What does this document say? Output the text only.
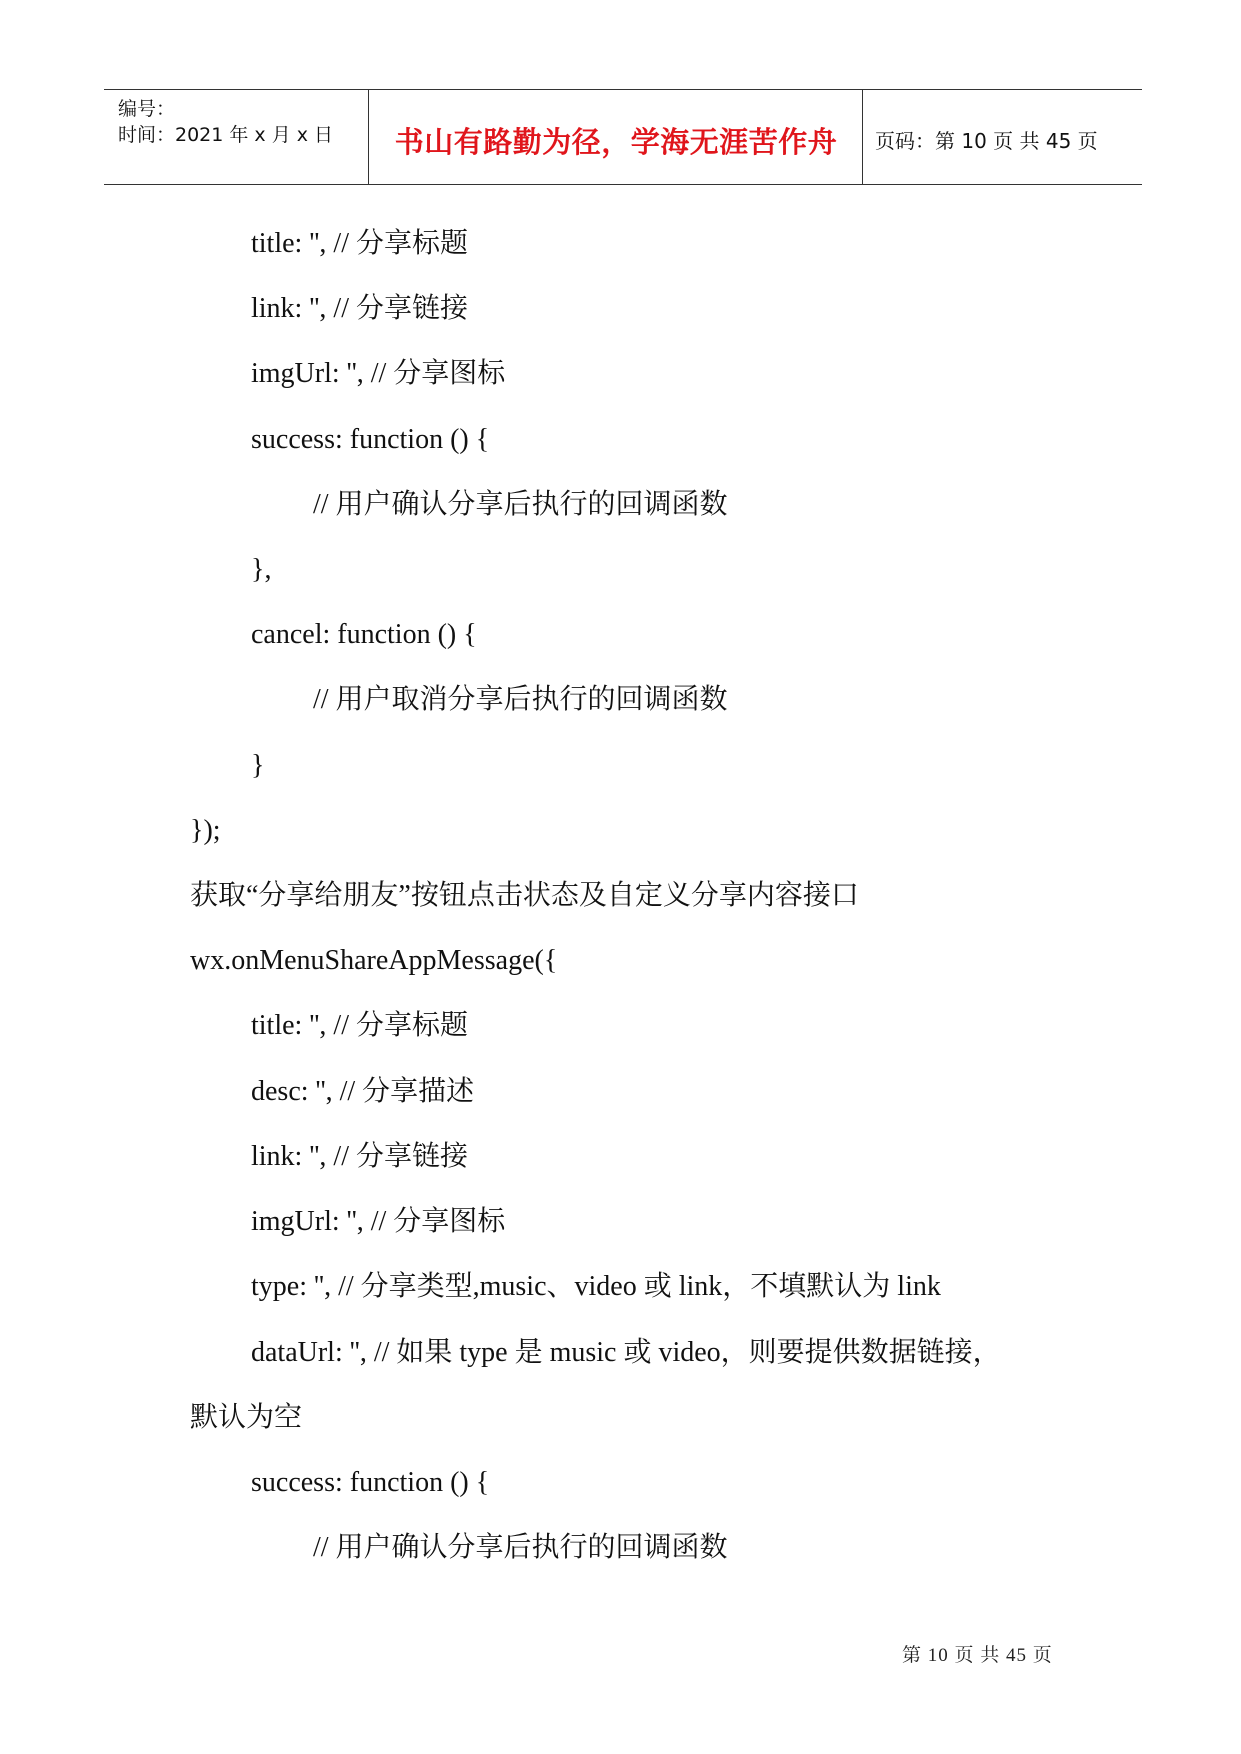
编号：
时间：2021 年 x 月 x 日	书山有路勤为径，学海无涯苦作舟	页码：第 10 页 共 45 页
title: '', // 分享标题
link: '', // 分享链接
imgUrl: '', // 分享图标
success: function () {
// 用户确认分享后执行的回调函数
},
cancel: function () {
// 用户取消分享后执行的回调函数
}
});
获取“分享给朋友”按钮点击状态及自定义分享内容接口
wx.onMenuShareAppMessage({
title: '', // 分享标题
desc: '', // 分享描述
link: '', // 分享链接
imgUrl: '', // 分享图标
type: '', // 分享类型,music、video 或 link，不填默认为 link
dataUrl: '', // 如果 type 是 music 或 video，则要提供数据链接，
默认为空
success: function () {
// 用户确认分享后执行的回调函数
第 10 页 共 45 页
